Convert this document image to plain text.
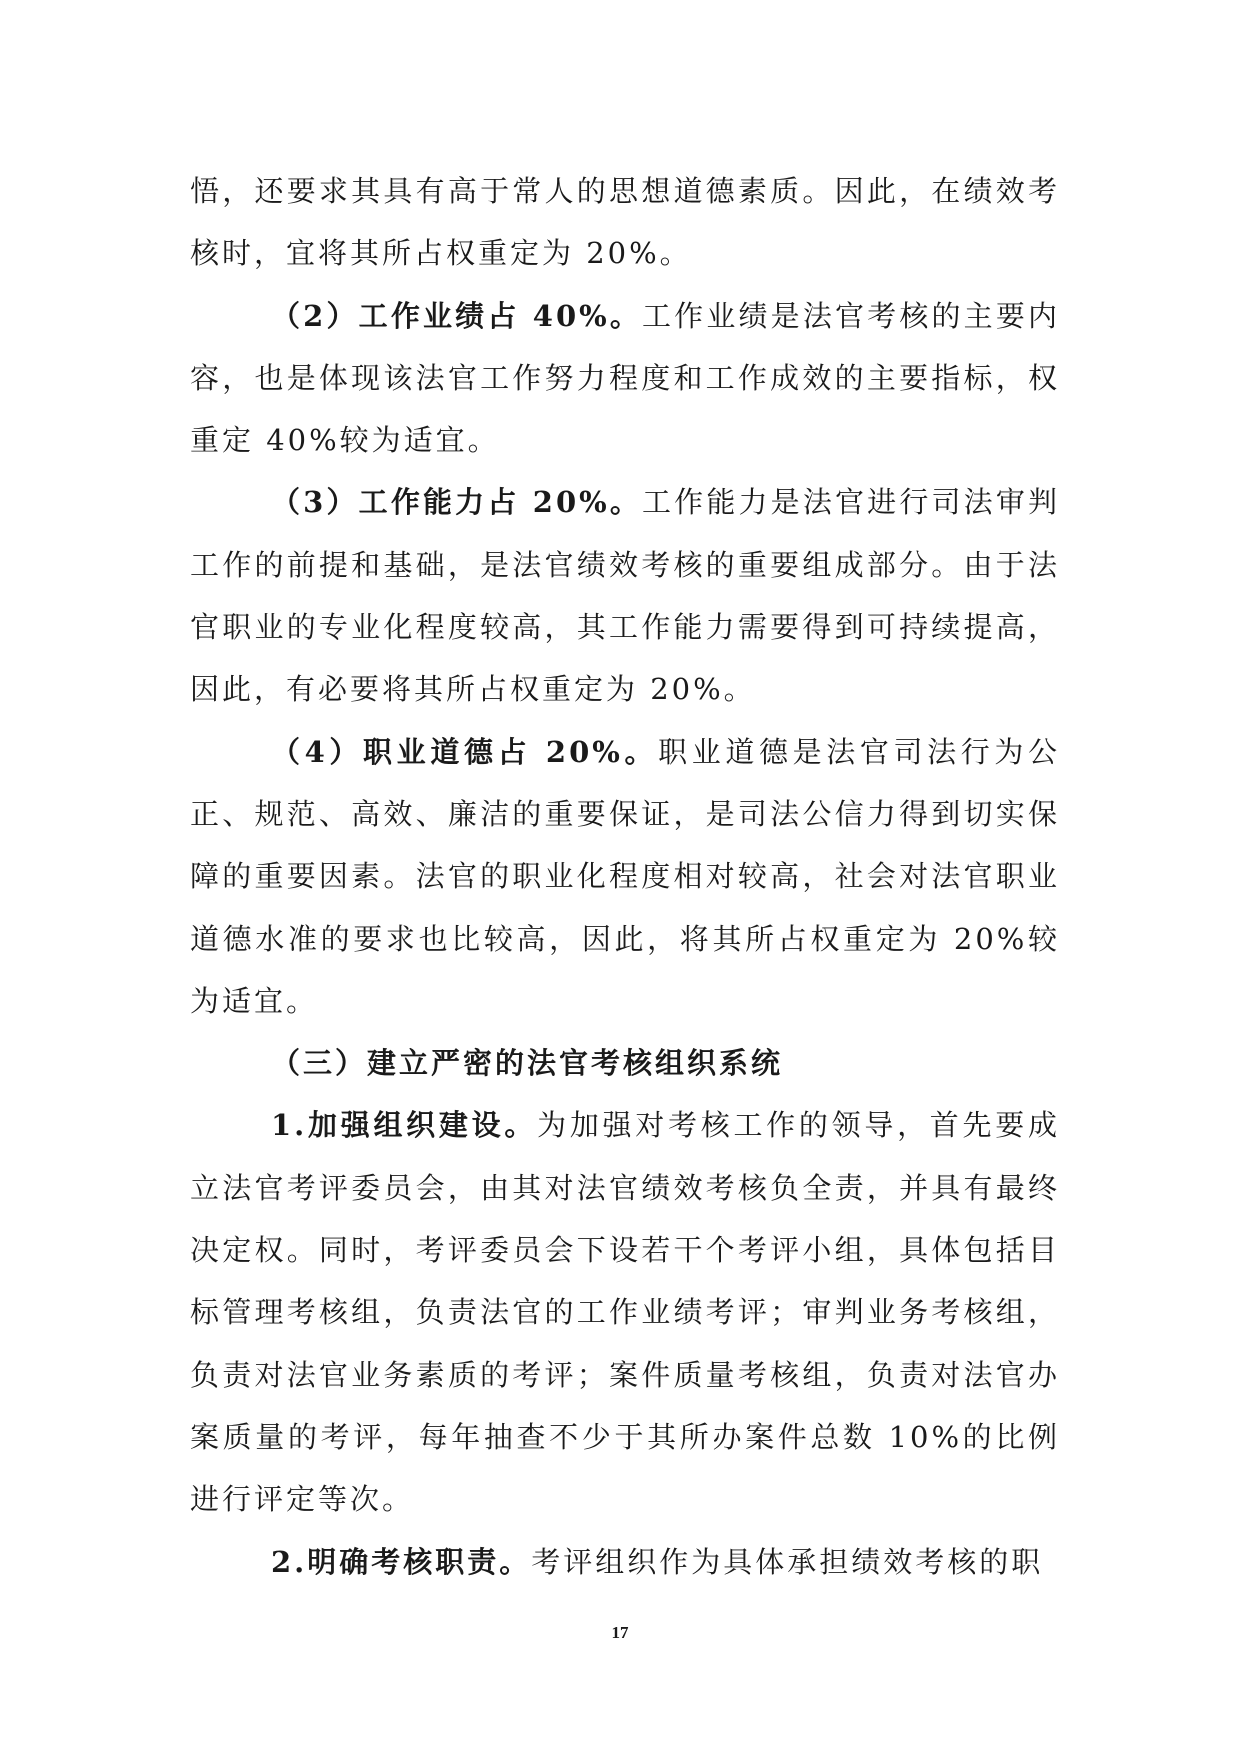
悟，还要求其具有高于常人的思想道德素质。因此，在绩效考核时，宜将其所占权重定为 20%。

（2）工作业绩占 40%。工作业绩是法官考核的主要内容，也是体现该法官工作努力程度和工作成效的主要指标，权重定 40%较为适宜。

（3）工作能力占 20%。工作能力是法官进行司法审判工作的前提和基础，是法官绩效考核的重要组成部分。由于法官职业的专业化程度较高，其工作能力需要得到可持续提高，因此，有必要将其所占权重定为 20%。

（4）职业道德占 20%。职业道德是法官司法行为公正、规范、高效、廉洁的重要保证，是司法公信力得到切实保障的重要因素。法官的职业化程度相对较高，社会对法官职业道德水准的要求也比较高，因此，将其所占权重定为 20%较为适宜。

（三）建立严密的法官考核组织系统

1.加强组织建设。为加强对考核工作的领导，首先要成立法官考评委员会，由其对法官绩效考核负全责，并具有最终决定权。同时，考评委员会下设若干个考评小组，具体包括目标管理考核组，负责法官的工作业绩考评；审判业务考核组，负责对法官业务素质的考评；案件质量考核组，负责对法官办案质量的考评，每年抽查不少于其所办案件总数 10%的比例进行评定等次。

2.明确考核职责。考评组织作为具体承担绩效考核的职

17
